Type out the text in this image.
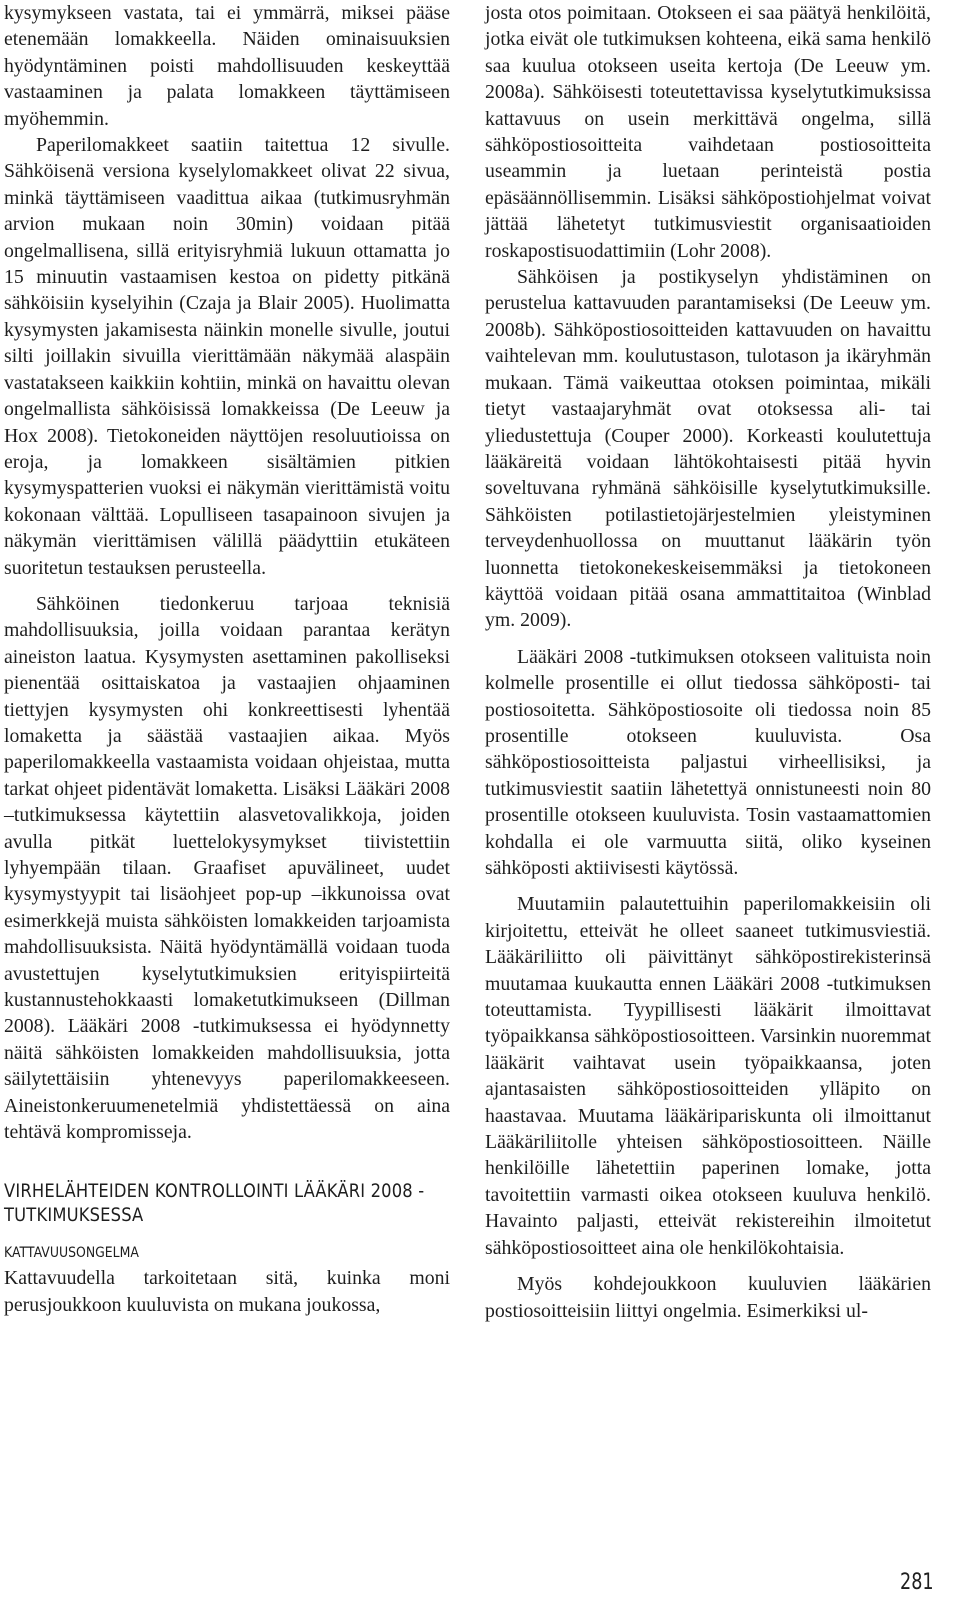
kysymykseen vastata, tai ei ymmärrä, miksei pääse etenemään lomakkeella. Näiden ominaisuuksien hyödyntäminen poisti mahdollisuuden keskeyttää vastaaminen ja palata lomakkeen täyttämiseen myöhemmin.

Paperilomakkeet saatiin taitettua 12 sivulle. Sähköisenä versiona kyselylomakkeet olivat 22 sivua, minkä täyttämiseen vaadittua aikaa (tutkimusryhmän arvion mukaan noin 30min) voidaan pitää ongelmallisena, sillä erityisryhmiä lukuun ottamatta jo 15 minuutin vastaamisen kestoa on pidetty pitkänä sähköisiin kyselyihin (Czaja ja Blair 2005). Huolimatta kysymysten jakamisesta näinkin monelle sivulle, joutui silti joillakin sivuilla vierittämään näkymää alaspäin vastatakseen kaikkiin kohtiin, minkä on havaittu olevan ongelmallista sähköisissä lomakkeissa (De Leeuw ja Hox 2008). Tietokoneiden näyttöjen resoluutioissa on eroja, ja lomakkeen sisältämien pitkien kysymyspatterien vuoksi ei näkymän vierittämistä voitu kokonaan välttää. Lopulliseen tasapainoon sivujen ja näkymän vierittämisen välillä päädyttiin etukäteen suoritetun testauksen perusteella.

Sähköinen tiedonkeruu tarjoaa teknisiä mahdollisuuksia, joilla voidaan parantaa kerätyn aineiston laatua. Kysymysten asettaminen pakolliseksi pienentää osittaiskatoa ja vastaajien ohjaaminen tiettyjen kysymysten ohi konkreettisesti lyhentää lomaketta ja säästää vastaajien aikaa. Myös paperilomakkeella vastaamista voidaan ohjeistaa, mutta tarkat ohjeet pidentävät lomaketta. Lisäksi Lääkäri 2008 –tutkimuksessa käytettiin alasvetovalikkoja, joiden avulla pitkät luettelokysymykset tiivistettiin lyhyempään tilaan. Graafiset apuvälineet, uudet kysymystyypit tai lisäohjeet pop-up –ikkunoissa ovat esimerkkejä muista sähköisten lomakkeiden tarjoamista mahdollisuuksista. Näitä hyödyntämällä voidaan tuoda avustettujen kyselytutkimuksien erityispiirteitä kustannustehokkaasti lomaketutkimukseen (Dillman 2008). Lääkäri 2008 -tutkimuksessa ei hyödynnetty näitä sähköisten lomakkeiden mahdollisuuksia, jotta säilytettäisiin yhtenevyys paperilomakkeeseen. Aineistonkeruumenetelmiä yhdistettäessä on aina tehtävä kompromisseja.

VIRHELÄHTEIDEN KONTROLLOINTI LÄÄKÄRI 2008 -TUTKIMUKSESSA
KATTAVUUSONGELMA

Kattavuudella tarkoitetaan sitä, kuinka moni perusjoukkoon kuuluvista on mukana joukossa,

josta otos poimitaan. Otokseen ei saa päätyä henkilöitä, jotka eivät ole tutkimuksen kohteena, eikä sama henkilö saa kuulua otokseen useita kertoja (De Leeuw ym. 2008a). Sähköisesti toteutettavissa kyselytutkimuksissa kattavuus on usein merkittävä ongelma, sillä sähköpostiosoitteita vaihdetaan postiosoitteita useammin ja luetaan perinteistä postia epäsäännöllisemmin. Lisäksi sähköpostiohjelmat voivat jättää lähetetyt tutkimusviestit organisaatioiden roskapostisuodattimiin (Lohr 2008).

Sähköisen ja postikyselyn yhdistäminen on perustelua kattavuuden parantamiseksi (De Leeuw ym. 2008b). Sähköpostiosoitteiden kattavuuden on havaittu vaihtelevan mm. koulutustason, tulotason ja ikäryhmän mukaan. Tämä vaikeuttaa otoksen poimintaa, mikäli tietyt vastaajaryhmät ovat otoksessa ali- tai yliedustettuja (Couper 2000). Korkeasti koulutettuja lääkäreitä voidaan lähtökohtaisesti pitää hyvin soveltuvana ryhmänä sähköisille kyselytutkimuksille. Sähköisten potilastietojärjestelmien yleistyminen terveydenhuollossa on muuttanut lääkärin työn luonnetta tietokonekeskeisemmäksi ja tietokoneen käyttöä voidaan pitää osana ammattitaitoa (Winblad ym. 2009).

Lääkäri 2008 -tutkimuksen otokseen valituista noin kolmelle prosentille ei ollut tiedossa sähköposti- tai postiosoitetta. Sähköpostiosoite oli tiedossa noin 85 prosentille otokseen kuuluvista. Osa sähköpostiosoitteista paljastui virheellisiksi, ja tutkimusviestit saatiin lähetettyä onnistuneesti noin 80 prosentille otokseen kuuluvista. Tosin vastaamattomien kohdalla ei ole varmuutta siitä, oliko kyseinen sähköposti aktiivisesti käytössä.

Muutamiin palautettuihin paperilomakkeisiin oli kirjoitettu, etteivät he olleet saaneet tutkimusviestiä. Lääkäriliitto oli päivittänyt sähköpostirekisterinsä muutamaa kuukautta ennen Lääkäri 2008 -tutkimuksen toteuttamista. Tyypillisesti lääkärit ilmoittavat työpaikkansa sähköpostiosoitteen. Varsinkin nuoremmat lääkärit vaihtavat usein työpaikkaansa, joten ajantasaisten sähköpostiosoitteiden ylläpito on haastavaa. Muutama lääkäripariskunta oli ilmoittanut Lääkäriliitolle yhteisen sähköpostiosoitteen. Näille henkilöille lähetettiin paperinen lomake, jotta tavoitettiin varmasti oikea otokseen kuuluva henkilö. Havainto paljasti, etteivät rekistereihin ilmoitetut sähköpostiosoitteet aina ole henkilökohtaisia.

Myös kohdejoukkoon kuuluvien lääkärien postiosoitteisiin liittyi ongelmia. Esimerkiksi ul-

281
